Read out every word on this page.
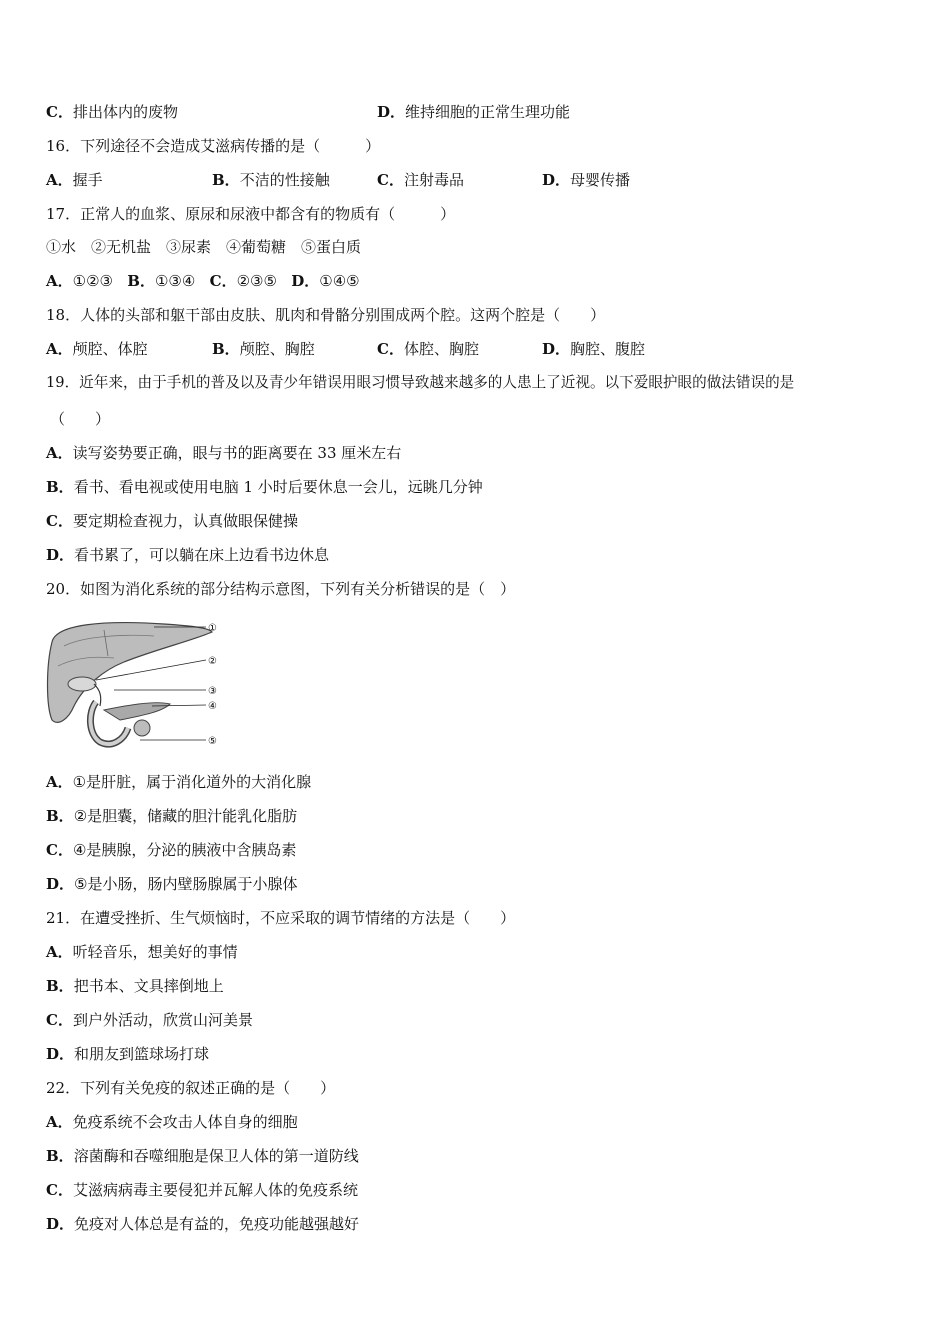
C．排出体内的废物	D．维持细胞的正常生理功能
16．下列途径不会造成艾滋病传播的是（　　　）
A．握手	B．不洁的性接触	C．注射毒品	D．母婴传播
17．正常人的血浆、原尿和尿液中都含有的物质有（　　　）
①水　②无机盐　③尿素　④葡萄糖　⑤蛋白质
A．①②③ B．①③④ C．②③⑤ D．①④⑤
18．人体的头部和躯干部由皮肤、肌肉和骨骼分别围成两个腔。这两个腔是（　　）
A．颅腔、体腔	B．颅腔、胸腔	C．体腔、胸腔	D．胸腔、腹腔
19．近年来，由于手机的普及以及青少年错误用眼习惯导致越来越多的人患上了近视。以下爱眼护眼的做法错误的是
（　　）
A．读写姿势要正确，眼与书的距离要在 33 厘米左右
B．看书、看电视或使用电脑 1 小时后要休息一会儿，远眺几分钟
C．要定期检查视力，认真做眼保健操
D．看书累了，可以躺在床上边看书边休息
20．如图为消化系统的部分结构示意图，下列有关分析错误的是（　）
①
②
③
④
⑤
A．①是肝脏，属于消化道外的大消化腺
B．②是胆囊，储藏的胆汁能乳化脂肪
C．④是胰腺，分泌的胰液中含胰岛素
D．⑤是小肠，肠内壁肠腺属于小腺体
21．在遭受挫折、生气烦恼时，不应采取的调节情绪的方法是（　　）
A．听轻音乐，想美好的事情
B．把书本、文具摔倒地上
C．到户外活动，欣赏山河美景
D．和朋友到篮球场打球
22．下列有关免疫的叙述正确的是（　　）
A．免疫系统不会攻击人体自身的细胞
B．溶菌酶和吞噬细胞是保卫人体的第一道防线
C．艾滋病病毒主要侵犯并瓦解人体的免疫系统
D．免疫对人体总是有益的，免疫功能越强越好
